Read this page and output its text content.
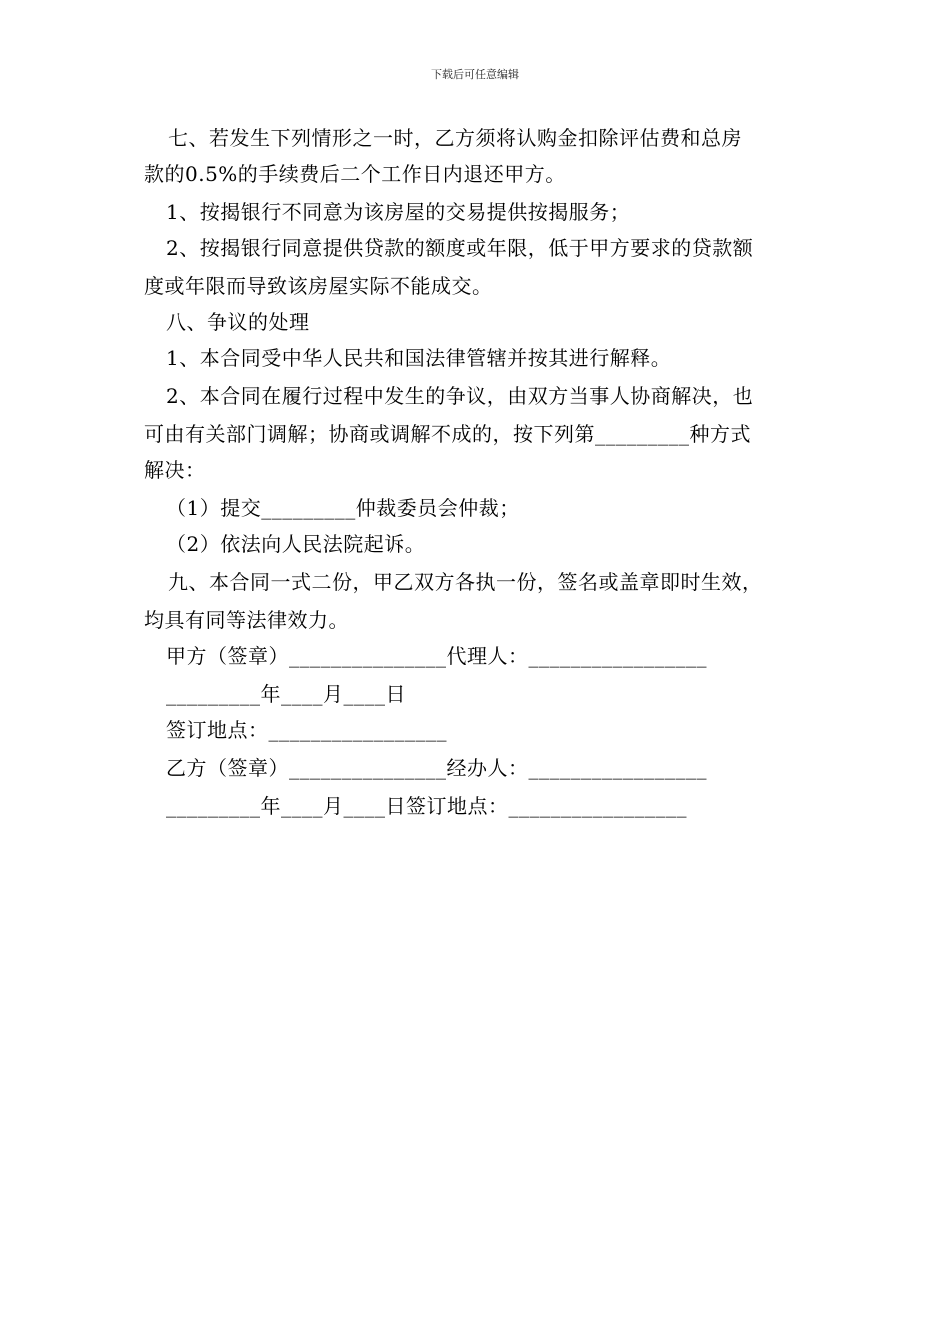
下载后可任意编辑
七、若发生下列情形之一时，乙方须将认购金扣除评估费和总房
款的0.5%的手续费后二个工作日内退还甲方。
1、按揭银行不同意为该房屋的交易提供按揭服务；
2、按揭银行同意提供贷款的额度或年限，低于甲方要求的贷款额
度或年限而导致该房屋实际不能成交。
八、争议的处理
1、本合同受中华人民共和国法律管辖并按其进行解释。
2、本合同在履行过程中发生的争议，由双方当事人协商解决，也
可由有关部门调解；协商或调解不成的，按下列第_________种方式
解决：
（1）提交_________仲裁委员会仲裁；
（2）依法向人民法院起诉。
九、本合同一式二份，甲乙双方各执一份，签名或盖章即时生效，
均具有同等法律效力。
甲方（签章）_______________代理人：_________________
_________年____月____日
签订地点：_________________
乙方（签章）_______________经办人：_________________
_________年____月____日签订地点：_________________
